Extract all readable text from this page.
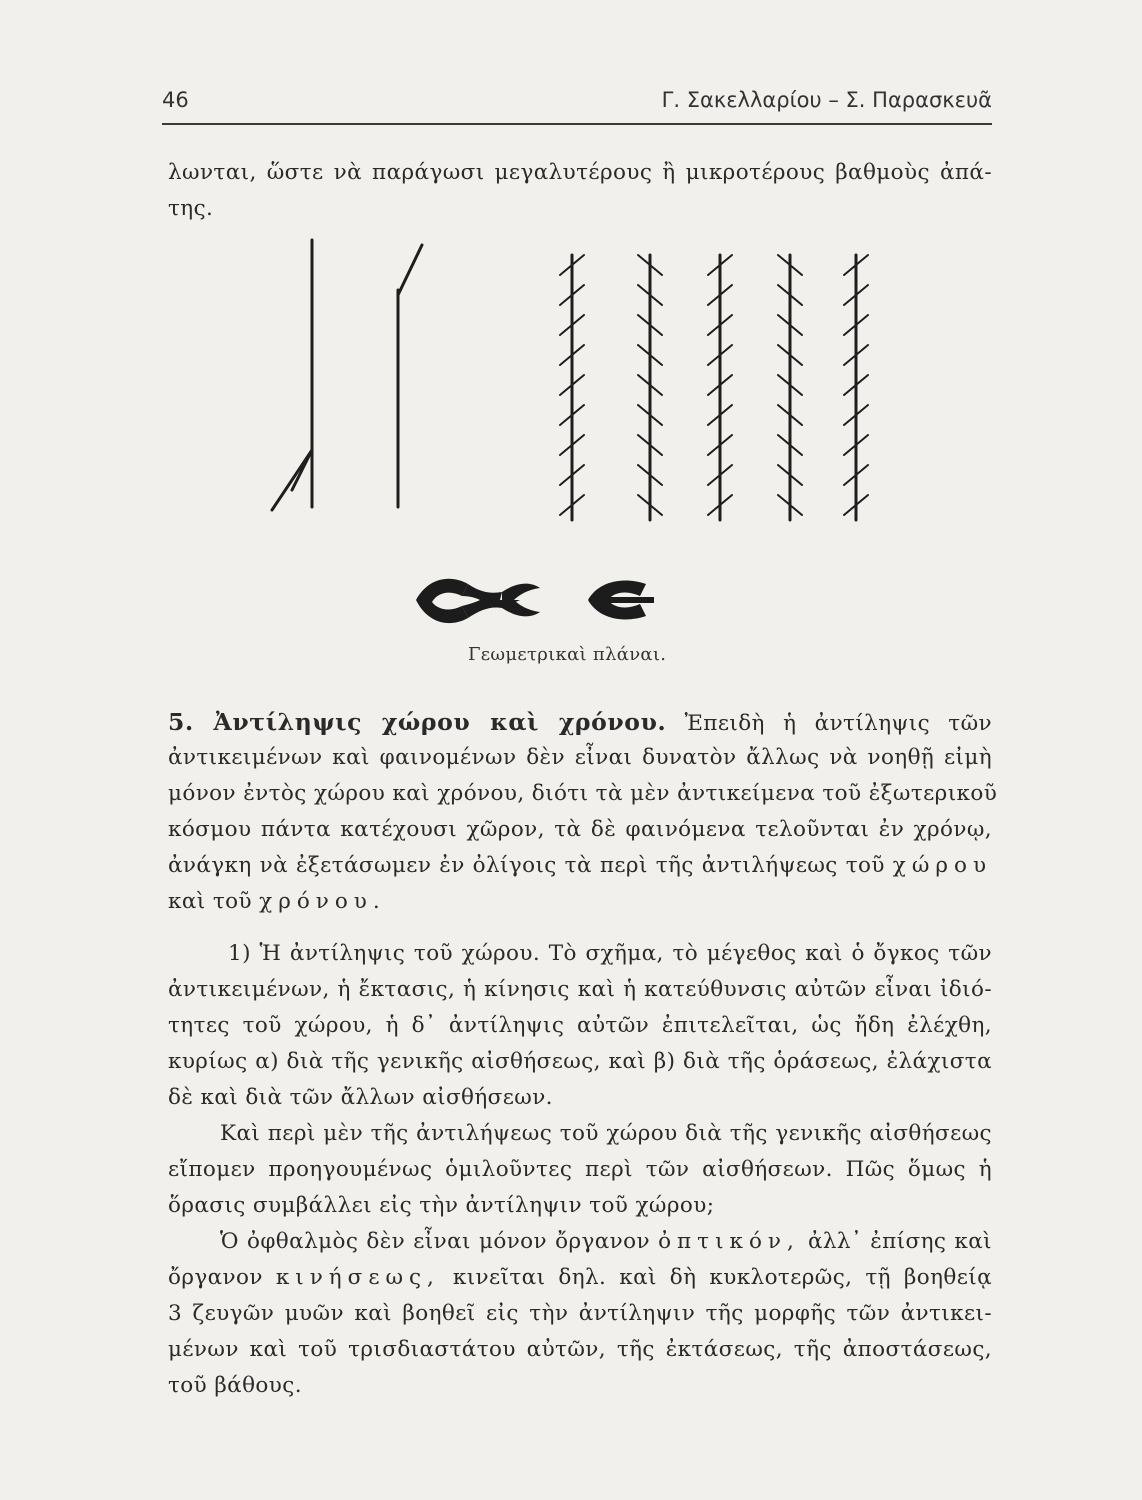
46	Γ. Σακελλαρίου – Σ. Παρασκευᾶ
λωνται, ὥστε νὰ παράγωσι μεγαλυτέρους ἢ μικροτέρους βαθμοὺς ἀπά-
της.
Γεωμετρικαὶ πλάναι.
5. Ἀντίληψις χώρου καὶ χρόνου. Ἐπειδὴ ἡ ἀντίληψις τῶν
ἀντικειμένων καὶ φαινομένων δὲν εἶναι δυνατὸν ἄλλως νὰ νοηθῇ εἰμὴ
μόνον ἐντὸς χώρου καὶ χρόνου, διότι τὰ μὲν ἀντικείμενα τοῦ ἐξωτερικοῦ
κόσμου πάντα κατέχουσι χῶρον, τὰ δὲ φαινόμενα τελοῦνται ἐν χρόνῳ,
ἀνάγκη νὰ ἐξετάσωμεν ἐν ὀλίγοις τὰ περὶ τῆς ἀντιλήψεως τοῦ χώρου
καὶ τοῦ χρόνου.
1) Ἡ ἀντίληψις τοῦ χώρου. Τὸ σχῆμα, τὸ μέγεθος καὶ ὁ ὄγκος τῶν
ἀντικειμένων, ἡ ἔκτασις, ἡ κίνησις καὶ ἡ κατεύθυνσις αὐτῶν εἶναι ἰδιό-
τητες τοῦ χώρου, ἡ δ᾽ ἀντίληψις αὐτῶν ἐπιτελεῖται, ὡς ἤδη ἐλέχθη,
κυρίως α) διὰ τῆς γενικῆς αἰσθήσεως, καὶ β) διὰ τῆς ὁράσεως, ἐλάχιστα
δὲ καὶ διὰ τῶν ἄλλων αἰσθήσεων.
Καὶ περὶ μὲν τῆς ἀντιλήψεως τοῦ χώρου διὰ τῆς γενικῆς αἰσθήσεως
εἴπομεν προηγουμένως ὁμιλοῦντες περὶ τῶν αἰσθήσεων. Πῶς ὅμως ἡ
ὅρασις συμβάλλει εἰς τὴν ἀντίληψιν τοῦ χώρου;
Ὁ ὀφθαλμὸς δὲν εἶναι μόνον ὄργανον ὀπτικόν, ἀλλ᾽ ἐπίσης καὶ
ὄργανον κινήσεως, κινεῖται δηλ. καὶ δὴ κυκλοτερῶς, τῇ βοηθείᾳ
3 ζευγῶν μυῶν καὶ βοηθεῖ εἰς τὴν ἀντίληψιν τῆς μορφῆς τῶν ἀντικει-
μένων καὶ τοῦ τρισδιαστάτου αὐτῶν, τῆς ἐκτάσεως, τῆς ἀποστάσεως,
τοῦ βάθους.
